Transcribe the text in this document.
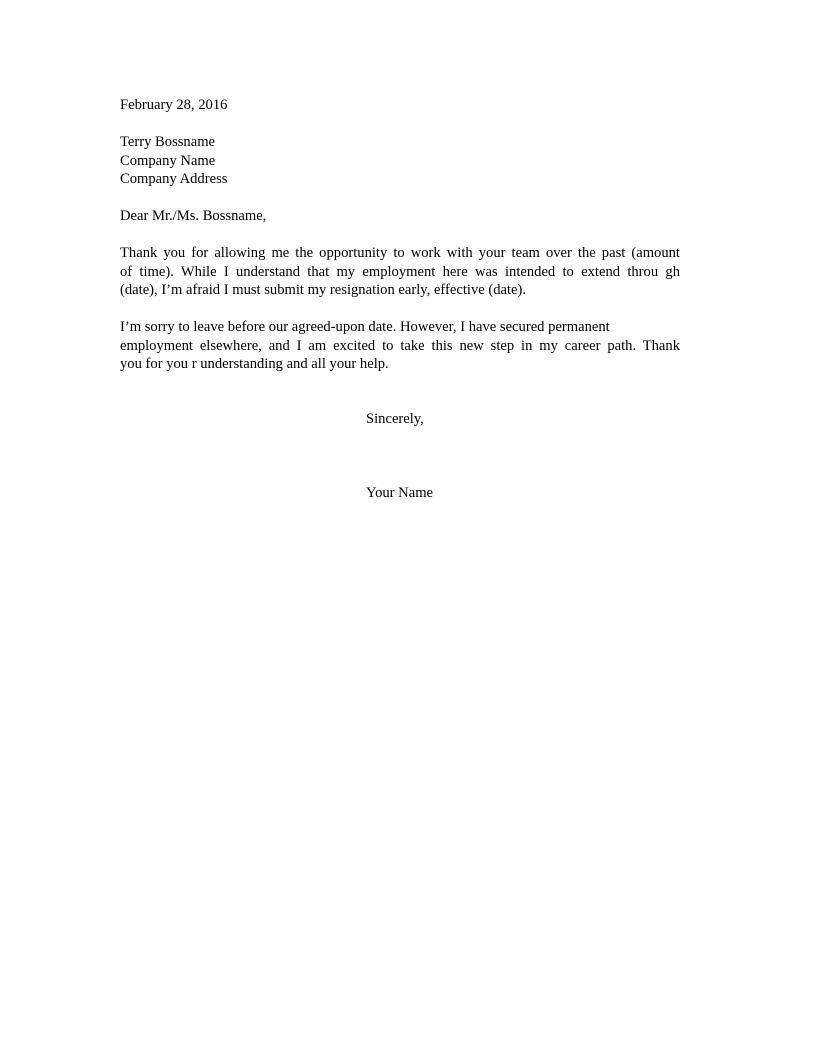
February 28, 2016
Terry Bossname
Company Name
Company Address
Dear Mr./Ms. Bossname,
Thank you for allowing me the opportunity to work with your team over the past (amount
of time). While I understand that my employment here was intended to extend throu gh
(date), I’m afraid I must submit my resignation early, effective (date).
I’m sorry to leave before our agreed-upon date. However, I have secured permanent
employment elsewhere, and I am excited to take this new step in my career path. Thank
you for you r understanding and all your help.
Sincerely,
Your Name
